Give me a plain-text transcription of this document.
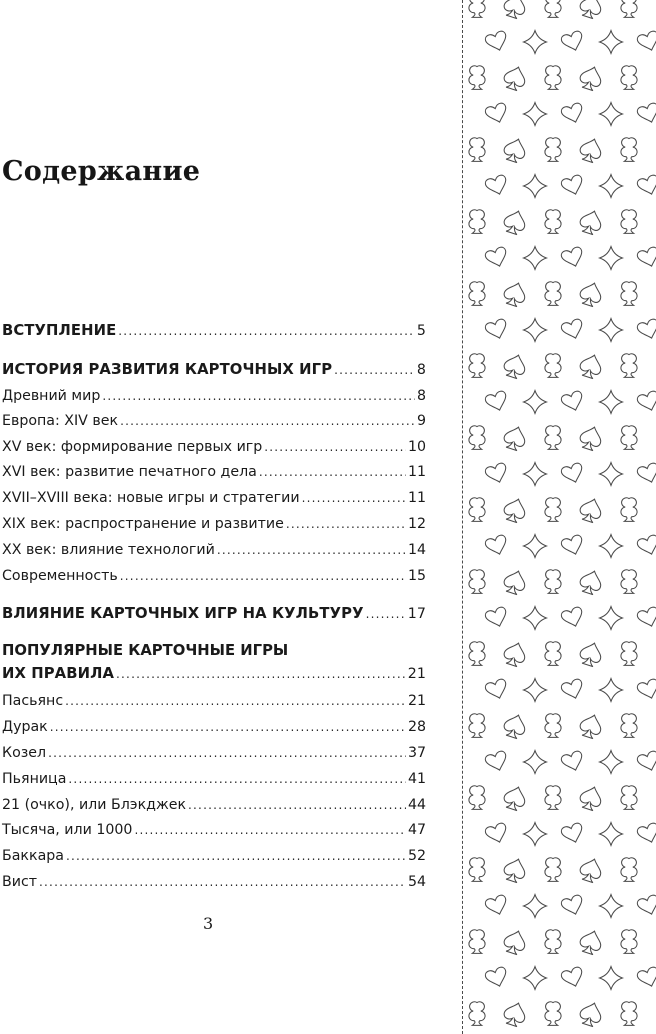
Содержание
ВСТУПЛЕНИЕ .....	5
ИСТОРИЯ РАЗВИТИЯ КАРТОЧНЫХ ИГР .....	8
Древний мир .....	8
Европа: XIV век .....	9
XV век: формирование первых игр .....	10
XVI век: развитие печатного дела .....	11
XVII–XVIII века: новые игры и стратегии .....	11
XIX век: распространение и развитие .....	12
XX век: влияние технологий .....	14
Современность .....	15
ВЛИЯНИЕ КАРТОЧНЫХ ИГР НА КУЛЬТУРУ .....	17
ПОПУЛЯРНЫЕ КАРТОЧНЫЕ ИГРЫ
ИХ ПРАВИЛА .....	21
Пасьянс .....	21
Дурак .....	28
Козел .....	37
Пьяница .....	41
21 (очко), или Блэкджек .....	44
Тысяча, или 1000 .....	47
Баккара .....	52
Вист .....	54

3
